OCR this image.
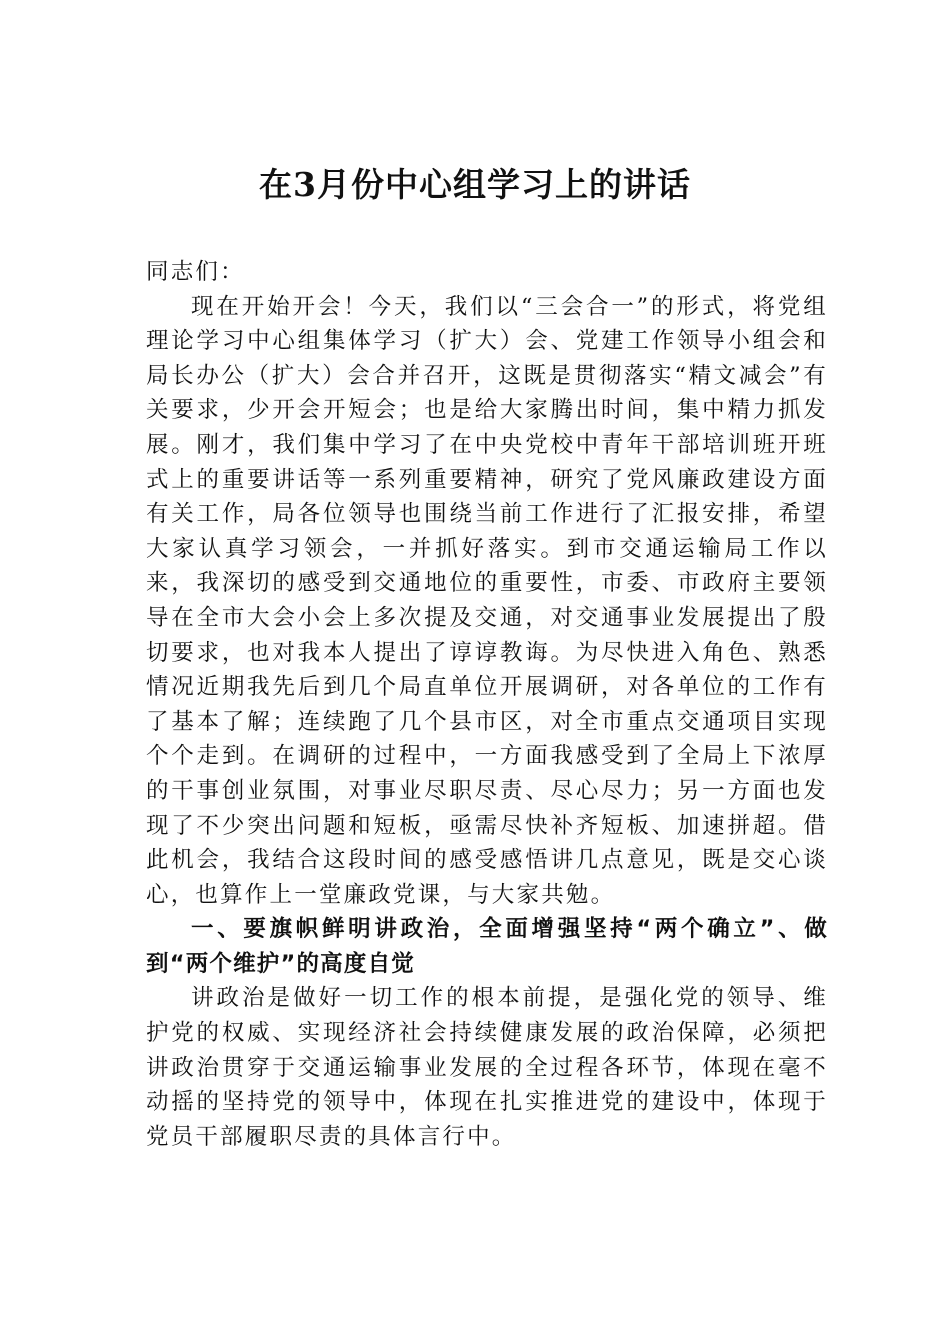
在3月份中心组学习上的讲话

同志们：

现在开始开会！今天，我们以“三会合一”的形式，将党组理论学习中心组集体学习（扩大）会、党建工作领导小组会和局长办公（扩大）会合并召开，这既是贯彻落实“精文减会”有关要求，少开会开短会；也是给大家腾出时间，集中精力抓发展。刚才，我们集中学习了在中央党校中青年干部培训班开班式上的重要讲话等一系列重要精神，研究了党风廉政建设方面有关工作，局各位领导也围绕当前工作进行了汇报安排，希望大家认真学习领会，一并抓好落实。到市交通运输局工作以来，我深切的感受到交通地位的重要性，市委、市政府主要领导在全市大会小会上多次提及交通，对交通事业发展提出了殷切要求，也对我本人提出了谆谆教诲。为尽快进入角色、熟悉情况近期我先后到几个局直单位开展调研，对各单位的工作有了基本了解；连续跑了几个县市区，对全市重点交通项目实现个个走到。在调研的过程中，一方面我感受到了全局上下浓厚的干事创业氛围，对事业尽职尽责、尽心尽力；另一方面也发现了不少突出问题和短板，亟需尽快补齐短板、加速拼超。借此机会，我结合这段时间的感受感悟讲几点意见，既是交心谈心，也算作上一堂廉政党课，与大家共勉。

一、要旗帜鲜明讲政治，全面增强坚持“两个确立”、做到“两个维护”的高度自觉

讲政治是做好一切工作的根本前提，是强化党的领导、维护党的权威、实现经济社会持续健康发展的政治保障，必须把讲政治贯穿于交通运输事业发展的全过程各环节，体现在毫不动摇的坚持党的领导中，体现在扎实推进党的建设中，体现于党员干部履职尽责的具体言行中。
